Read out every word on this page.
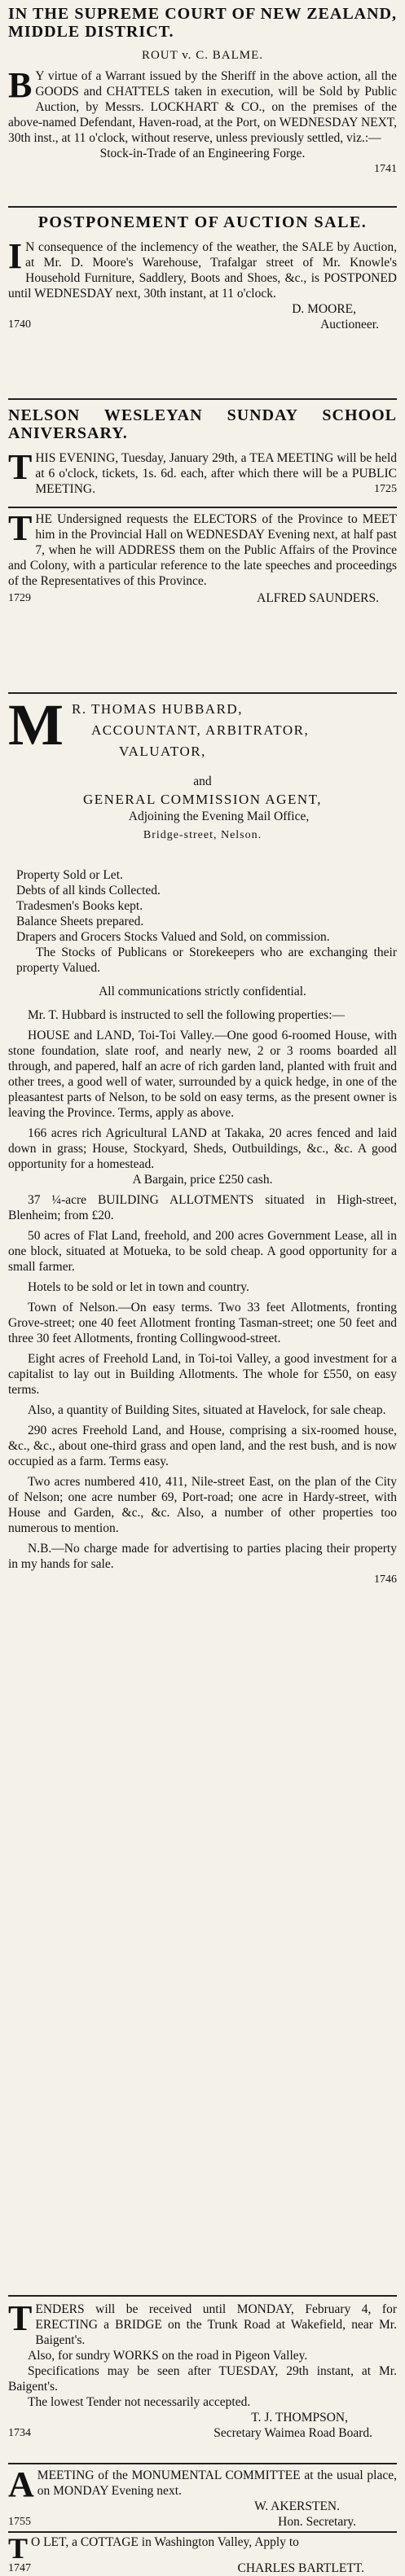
IN THE SUPREME COURT OF NEW ZEALAND, MIDDLE DISTRICT.
ROUT v. C. BALME.

B Y virtue of a Warrant issued by the Sheriff in the above action, all the GOODS and CHATTELS taken in execution, will be Sold by Public Auction, by Messrs. LOCKHART & CO., on the premises of the above-named Defendant, Haven-road, at the Port, on WEDNESDAY NEXT, 30th inst., at 11 o'clock, without reserve, unless previously settled, viz.:—

Stock-in-Trade of an Engineering Forge.
1741
POSTPONEMENT OF AUCTION SALE.

I N consequence of the inclemency of the weather, the SALE by Auction, at Mr. D. Moore's Warehouse, Trafalgar street of Mr. Knowle's Household Furniture, Saddlery, Boots and Shoes, &c., is POSTPONED until WEDNESDAY next, 30th instant, at 11 o'clock.

D. MOORE,
1740	Auctioneer.
NELSON WESLEYAN SUNDAY SCHOOL ANIVERSARY.

THIS EVENING, Tuesday, January 29th, a TEA MEETING will be held at 6 o'clock, tickets, 1s. 6d. each, after which there will be a PUBLIC MEETING.	1725

THE Undersigned requests the ELECTORS of the Province to MEET him in the Provincial Hall on WEDNESDAY Evening next, at half past 7, when he will ADDRESS them on the Public Affairs of the Province and Colony, with a particular reference to the late speeches and proceedings of the Representatives of this Province.

1729	ALFRED SAUNDERS.
M R. THOMAS HUBBARD,
ACCOUNTANT, ARBITRATOR,
VALUATOR,
and
GENERAL COMMISSION AGENT,
Adjoining the Evening Mail Office,
Bridge-street, Nelson.

Property Sold or Let.

Debts of all kinds Collected.

Tradesmen's Books kept.

Balance Sheets prepared.

Drapers and Grocers Stocks Valued and Sold, on commission.

The Stocks of Publicans or Storekeepers who are exchanging their property Valued.

All communications strictly confidential.

Mr. T. Hubbard is instructed to sell the following properties:—

HOUSE and LAND, Toi-Toi Valley.—One good 6-roomed House, with stone foundation, slate roof, and nearly new, 2 or 3 rooms boarded all through, and papered, half an acre of rich garden land, planted with fruit and other trees, a good well of water, surrounded by a quick hedge, in one of the pleasantest parts of Nelson, to be sold on easy terms, as the present owner is leaving the Province. Terms, apply as above.

166 acres rich Agricultural LAND at Takaka, 20 acres fenced and laid down in grass; House, Stockyard, Sheds, Outbuildings, &c., &c. A good opportunity for a homestead.

A Bargain, price £250 cash.

37 ¼-acre BUILDING ALLOTMENTS situated in High-street, Blenheim; from £20.

50 acres of Flat Land, freehold, and 200 acres Government Lease, all in one block, situated at Motueka, to be sold cheap. A good opportunity for a small farmer.

Hotels to be sold or let in town and country.

Town of Nelson.—On easy terms. Two 33 feet Allotments, fronting Grove-street; one 40 feet Allotment fronting Tasman-street; one 50 feet and three 30 feet Allotments, fronting Collingwood-street.

Eight acres of Freehold Land, in Toi-toi Valley, a good investment for a capitalist to lay out in Building Allotments. The whole for £550, on easy terms.

Also, a quantity of Building Sites, situated at Havelock, for sale cheap.

290 acres Freehold Land, and House, comprising a six-roomed house, &c., &c., about one-third grass and open land, and the rest bush, and is now occupied as a farm. Terms easy.

Two acres numbered 410, 411, Nile-street East, on the plan of the City of Nelson; one acre number 69, Port-road; one acre in Hardy-street, with House and Garden, &c., &c. Also, a number of other properties too numerous to mention.

N.B.—No charge made for advertising to parties placing their property in my hands for sale.

1746

TENDERS will be received until MONDAY, February 4, for ERECTING a BRIDGE on the Trunk Road at Wakefield, near Mr. Baigent's.

Also, for sundry WORKS on the road in Pigeon Valley.

Specifications may be seen after TUESDAY, 29th instant, at Mr. Baigent's.

The lowest Tender not necessarily accepted.

T. J. THOMPSON,
1734	Secretary Waimea Road Board.

AMEETING of the MONUMENTAL COMMITTEE at the usual place, on MONDAY Evening next.

W. AKERSTEN.
1755	Hon. Secretary.

T O LET, a COTTAGE in Washington Valley, Apply to

1747	CHARLES BARTLETT.
